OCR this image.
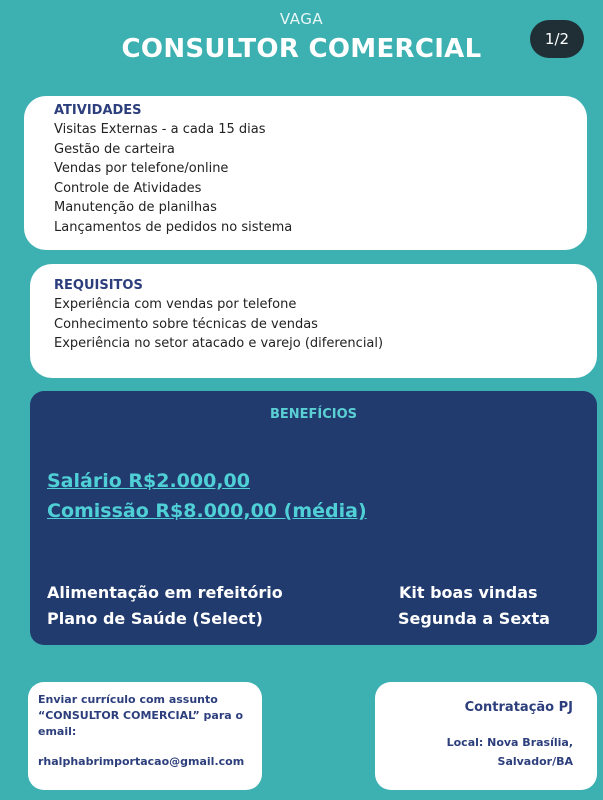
VAGA
CONSULTOR COMERCIAL	1/2
ATIVIDADES
Visitas Externas - a cada 15 dias
Gestão de carteira
Vendas por telefone/online
Controle de Atividades
Manutenção de planilhas
Lançamentos de pedidos no sistema
REQUISITOS
Experiência com vendas por telefone
Conhecimento sobre técnicas de vendas
Experiência no setor atacado e varejo (diferencial)
BENEFÍCIOS
Salário R$2.000,00
Comissão R$8.000,00 (média)
Alimentação em refeitório
Plano de Saúde (Select)
Kit boas vindas
Segunda a Sexta
Enviar currículo com assunto
“CONSULTOR COMERCIAL” para o
email:
rhalphabrimportacao@gmail.com
Contratação PJ
Local: Nova Brasília,
Salvador/BA
